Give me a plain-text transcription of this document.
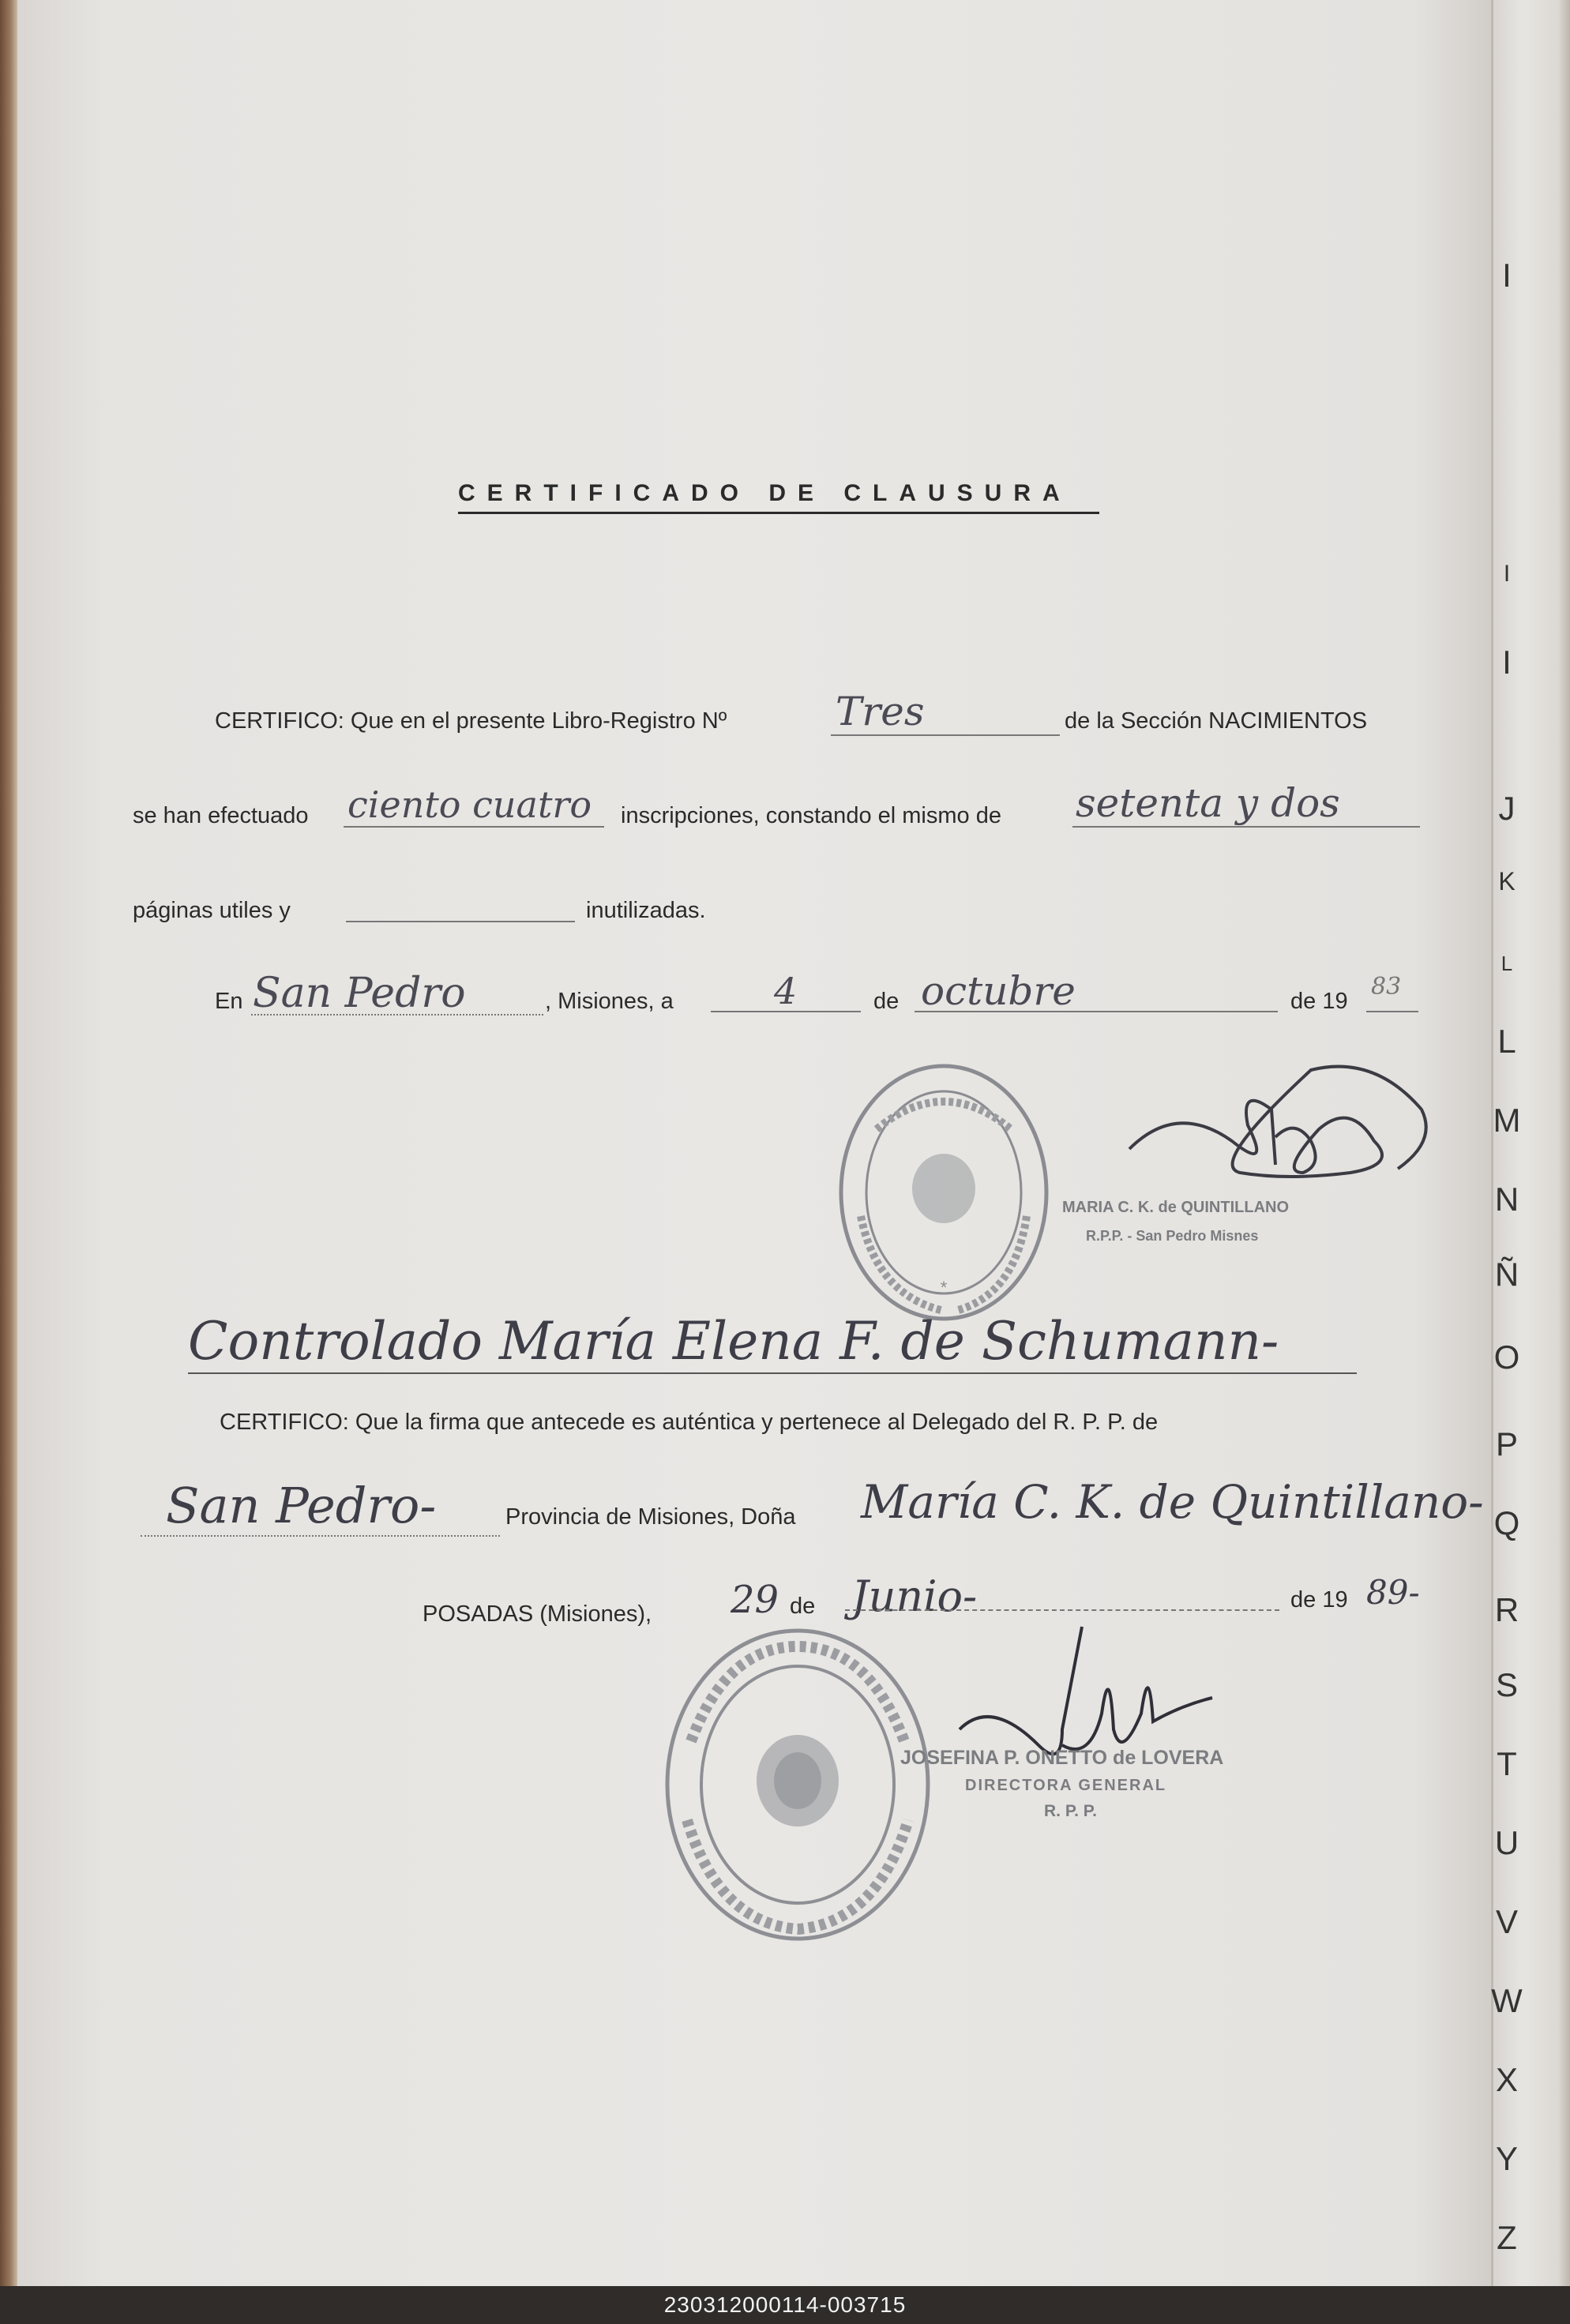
I
I
I
J
K
L
L
M
N
Ñ
O
P
Q
R
S
T
U
V
W
X
Y
Z
CERTIFICADO DE CLAUSURA
CERTIFICO: Que en el presente Libro-Registro Nº	Tres	de la Sección NACIMIENTOS
se han efectuado ciento cuatro inscripciones, constando el mismo de setenta y dos
páginas utiles y	inutilizadas.
En San Pedro	, Misiones, a	4	de octubre	de 19
83
*
MARIA C. K. de QUINTILLANO
R.P.P. - San Pedro Misnes
Controlado María Elena F. de Schumann-
CERTIFICO: Que la firma que antecede es auténtica y pertenece al Delegado del R. P. P. de
San Pedro-	Provincia de Misiones, Doña María C. K. de Quintillano-
POSADAS (Misiones), 29 de Junio-	de 19 89-
JOSEFINA P. ONETTO de LOVERA
DIRECTORA GENERAL
R. P. P.
230312000114-003715
